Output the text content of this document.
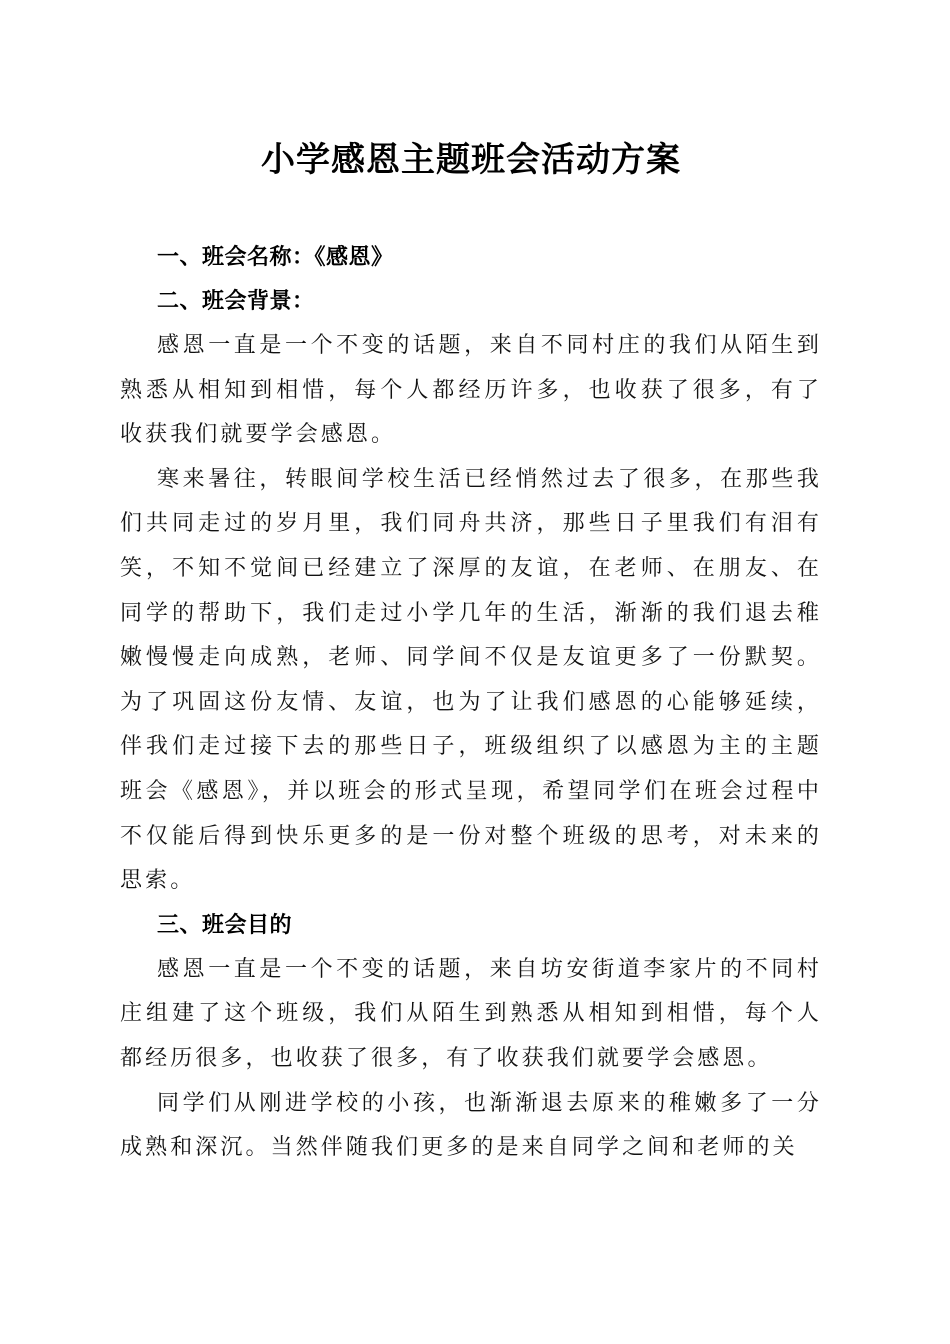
小学感恩主题班会活动方案

一、班会名称：《感恩》

二、班会背景：

感恩一直是一个不变的话题，来自不同村庄的我们从陌生到熟悉从相知到相惜，每个人都经历许多，也收获了很多，有了收获我们就要学会感恩。

寒来暑往，转眼间学校生活已经悄然过去了很多，在那些我们共同走过的岁月里，我们同舟共济，那些日子里我们有泪有笑，不知不觉间已经建立了深厚的友谊，在老师、在朋友、在同学的帮助下，我们走过小学几年的生活，渐渐的我们退去稚嫩慢慢走向成熟，老师、同学间不仅是友谊更多了一份默契。为了巩固这份友情、友谊，也为了让我们感恩的心能够延续，伴我们走过接下去的那些日子，班级组织了以感恩为主的主题班会《感恩》，并以班会的形式呈现，希望同学们在班会过程中不仅能后得到快乐更多的是一份对整个班级的思考，对未来的思索。

三、班会目的

感恩一直是一个不变的话题，来自坊安街道李家片的不同村庄组建了这个班级，我们从陌生到熟悉从相知到相惜，每个人都经历很多，也收获了很多，有了收获我们就要学会感恩。

同学们从刚进学校的小孩，也渐渐退去原来的稚嫩多了一分成熟和深沉。当然伴随我们更多的是来自同学之间和老师的关
